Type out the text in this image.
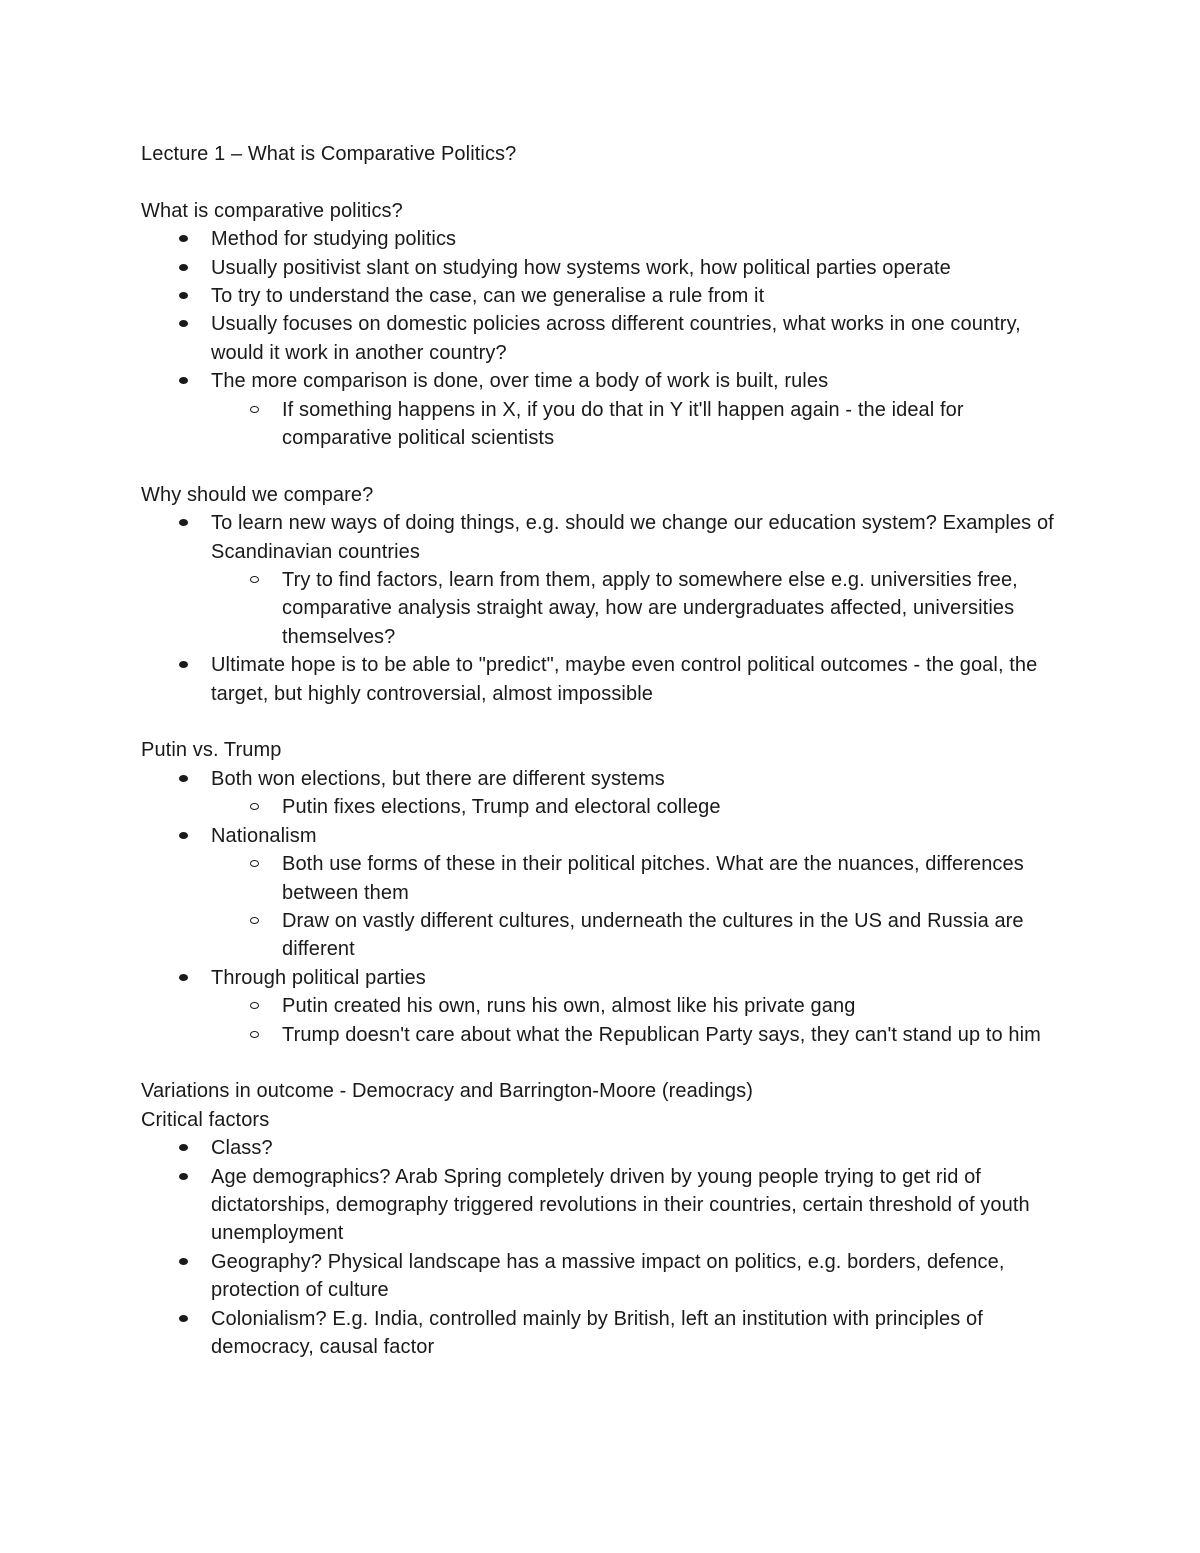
Lecture 1 – What is Comparative Politics?

What is comparative politics?

Method for studying politics
Usually positivist slant on studying how systems work, how political parties operate
To try to understand the case, can we generalise a rule from it
Usually focuses on domestic policies across different countries, what works in one country, would it work in another country?
The more comparison is done, over time a body of work is built, rules
If something happens in X, if you do that in Y it'll happen again - the ideal for comparative political scientists

Why should we compare?

To learn new ways of doing things, e.g. should we change our education system? Examples of Scandinavian countries
Try to find factors, learn from them, apply to somewhere else e.g. universities free, comparative analysis straight away, how are undergraduates affected, universities themselves?
Ultimate hope is to be able to "predict", maybe even control political outcomes - the goal, the target, but highly controversial, almost impossible

Putin vs. Trump

Both won elections, but there are different systems
Putin fixes elections, Trump and electoral college
Nationalism
Both use forms of these in their political pitches. What are the nuances, differences between them
Draw on vastly different cultures, underneath the cultures in the US and Russia are different
Through political parties
Putin created his own, runs his own, almost like his private gang
Trump doesn't care about what the Republican Party says, they can't stand up to him

Variations in outcome - Democracy and Barrington-Moore (readings)

Critical factors

Class?
Age demographics? Arab Spring completely driven by young people trying to get rid of dictatorships, demography triggered revolutions in their countries, certain threshold of youth unemployment
Geography? Physical landscape has a massive impact on politics, e.g. borders, defence, protection of culture
Colonialism? E.g. India, controlled mainly by British, left an institution with principles of democracy, causal factor
